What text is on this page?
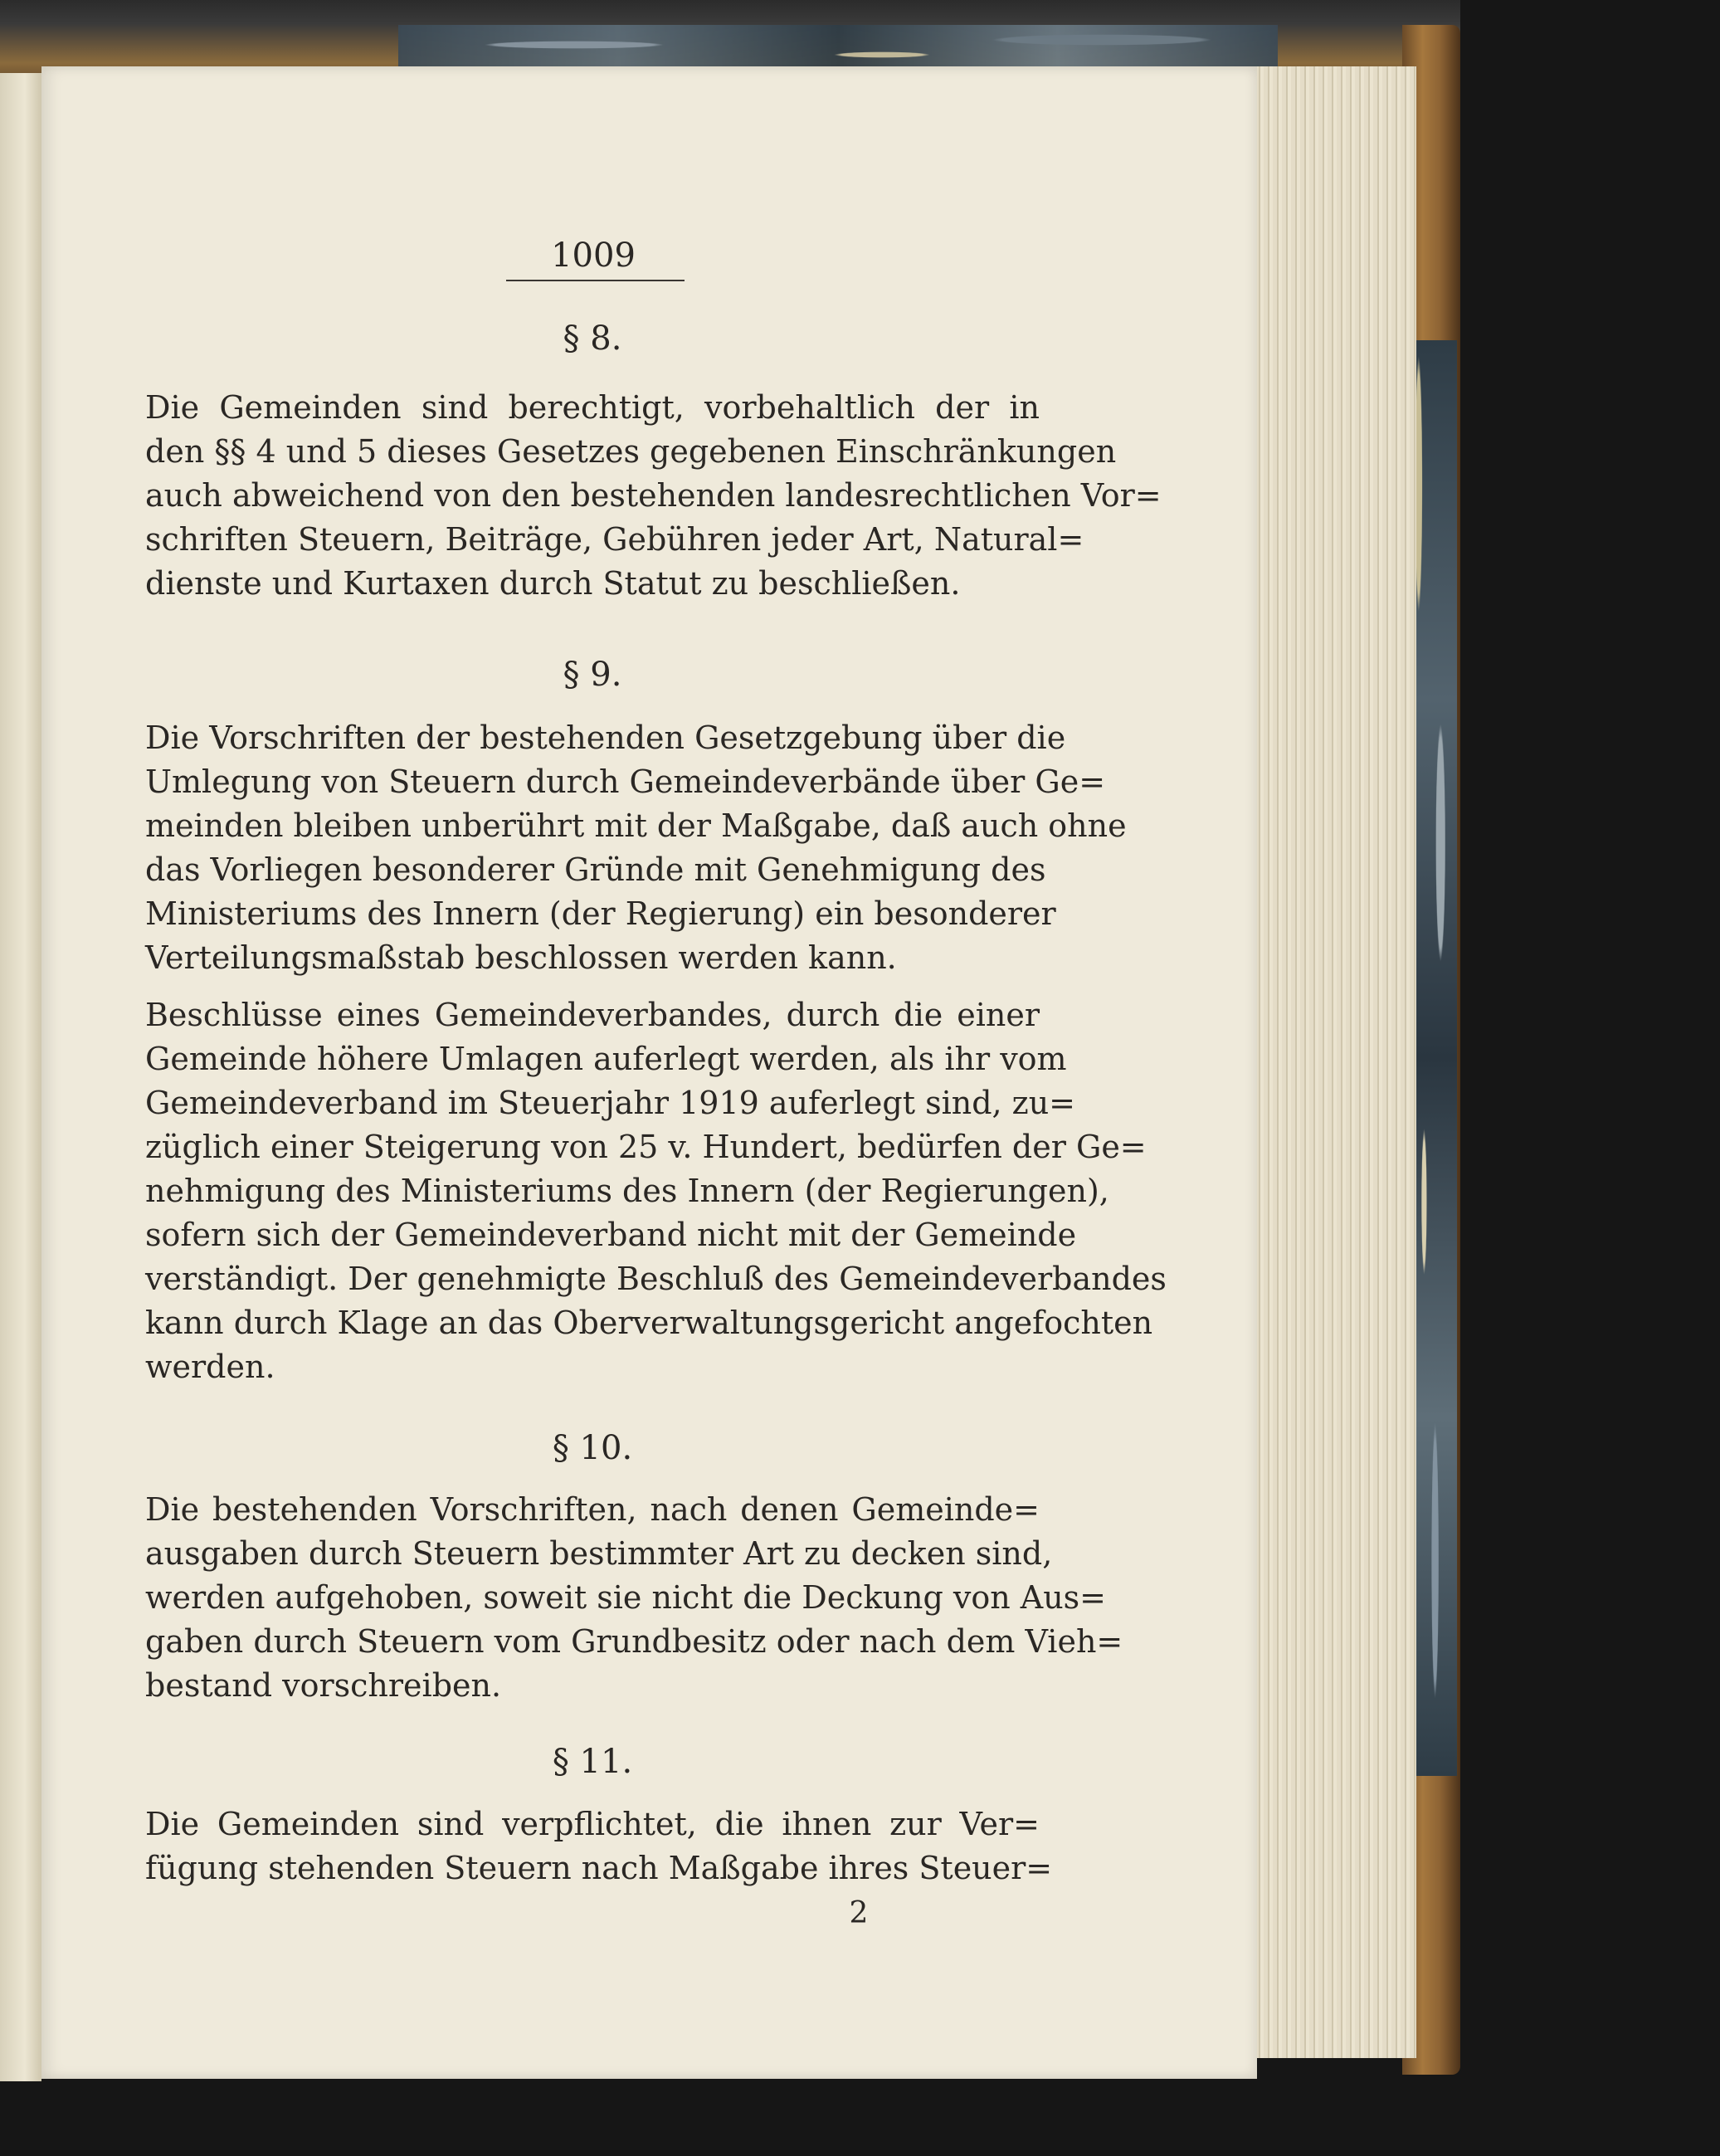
1009
§ 8.
Die Gemeinden sind berechtigt, vorbehaltlich der in
den §§ 4 und 5 dieses Gesetzes gegebenen Einschränkungen
auch abweichend von den bestehenden landesrechtlichen Vor=
schriften Steuern, Beiträge, Gebühren jeder Art, Natural=
dienste und Kurtaxen durch Statut zu beschließen.
§ 9.
Die Vorschriften der bestehenden Gesetzgebung über die
Umlegung von Steuern durch Gemeindeverbände über Ge=
meinden bleiben unberührt mit der Maßgabe, daß auch ohne
das Vorliegen besonderer Gründe mit Genehmigung des
Ministeriums des Innern (der Regierung) ein besonderer
Verteilungsmaßstab beschlossen werden kann.
Beschlüsse eines Gemeindeverbandes, durch die einer
Gemeinde höhere Umlagen auferlegt werden, als ihr vom
Gemeindeverband im Steuerjahr 1919 auferlegt sind, zu=
züglich einer Steigerung von 25 v. Hundert, bedürfen der Ge=
nehmigung des Ministeriums des Innern (der Regierungen),
sofern sich der Gemeindeverband nicht mit der Gemeinde
verständigt. Der genehmigte Beschluß des Gemeindeverbandes
kann durch Klage an das Oberverwaltungsgericht angefochten
werden.
§ 10.
Die bestehenden Vorschriften, nach denen Gemeinde=
ausgaben durch Steuern bestimmter Art zu decken sind,
werden aufgehoben, soweit sie nicht die Deckung von Aus=
gaben durch Steuern vom Grundbesitz oder nach dem Vieh=
bestand vorschreiben.
§ 11.
Die Gemeinden sind verpflichtet, die ihnen zur Ver=
fügung stehenden Steuern nach Maßgabe ihres Steuer=
2
